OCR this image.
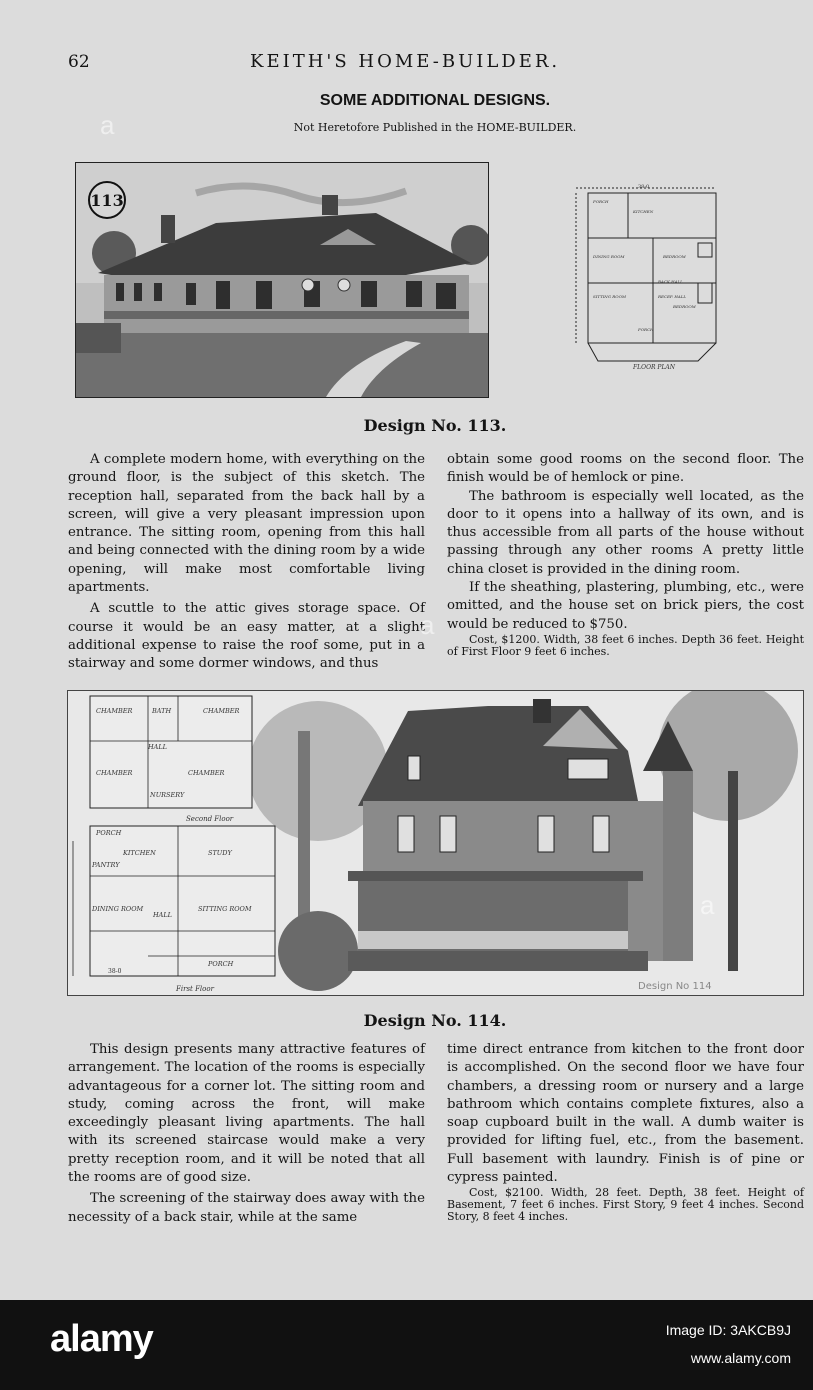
62	KEITH'S HOME-BUILDER.
SOME ADDITIONAL DESIGNS.
Not Heretofore Published in the HOME-BUILDER.
113	PORCH
KITCHEN
DINING ROOM	BEDROOM
BACK HALL
SITTING ROOM	RECEP. HALL
BEDROOM
PORCH
38-0
FLOOR PLAN
Design No. 113.

A complete modern home, with everything on the ground floor, is the subject of this sketch. The reception hall, separated from the back hall by a screen, will give a very pleasant impression upon entrance. The sitting room, opening from this hall and being connected with the dining room by a wide opening, will make most comfortable living apartments.

A scuttle to the attic gives storage space. Of course it would be an easy matter, at a slight additional expense to raise the roof some, put in a stairway and some dormer windows, and thus

obtain some good rooms on the second floor. The finish would be of hemlock or pine.

The bathroom is especially well located, as the door to it opens into a hallway of its own, and is thus accessible from all parts of the house without passing through any other rooms A pretty little china closet is provided in the dining room.

If the sheathing, plastering, plumbing, etc., were omitted, and the house set on brick piers, the cost would be reduced to $750.

Cost, $1200. Width, 38 feet 6 inches. Depth 36 feet. Height of First Floor 9 feet 6 inches.

CHAMBER	BATH	CHAMBER
HALL
CHAMBER	CHAMBER
NURSERY
PORCH
KITCHEN
PANTRY
STUDY
DINING ROOM
HALL
SITTING ROOM
PORCH
Second Floor
First Floor
38-0
Design No 114
Design No. 114.

This design presents many attractive features of arrangement. The location of the rooms is especially advantageous for a corner lot. The sitting room and study, coming across the front, will make exceedingly pleasant living apartments. The hall with its screened staircase would make a very pretty reception room, and it will be noted that all the rooms are of good size.

The screening of the stairway does away with the necessity of a back stair, while at the same

time direct entrance from kitchen to the front door is accomplished. On the second floor we have four chambers, a dressing room or nursery and a large bathroom which contains complete fixtures, also a soap cupboard built in the wall. A dumb waiter is provided for lifting fuel, etc., from the basement. Full basement with laundry. Finish is of pine or cypress painted.

Cost, $2100. Width, 28 feet. Depth, 38 feet. Height of Basement, 7 feet 6 inches. First Story, 9 feet 4 inches. Second Story, 8 feet 4 inches.

a
a
a
alamy	Image ID: 3AKCB9J
www.alamy.com
